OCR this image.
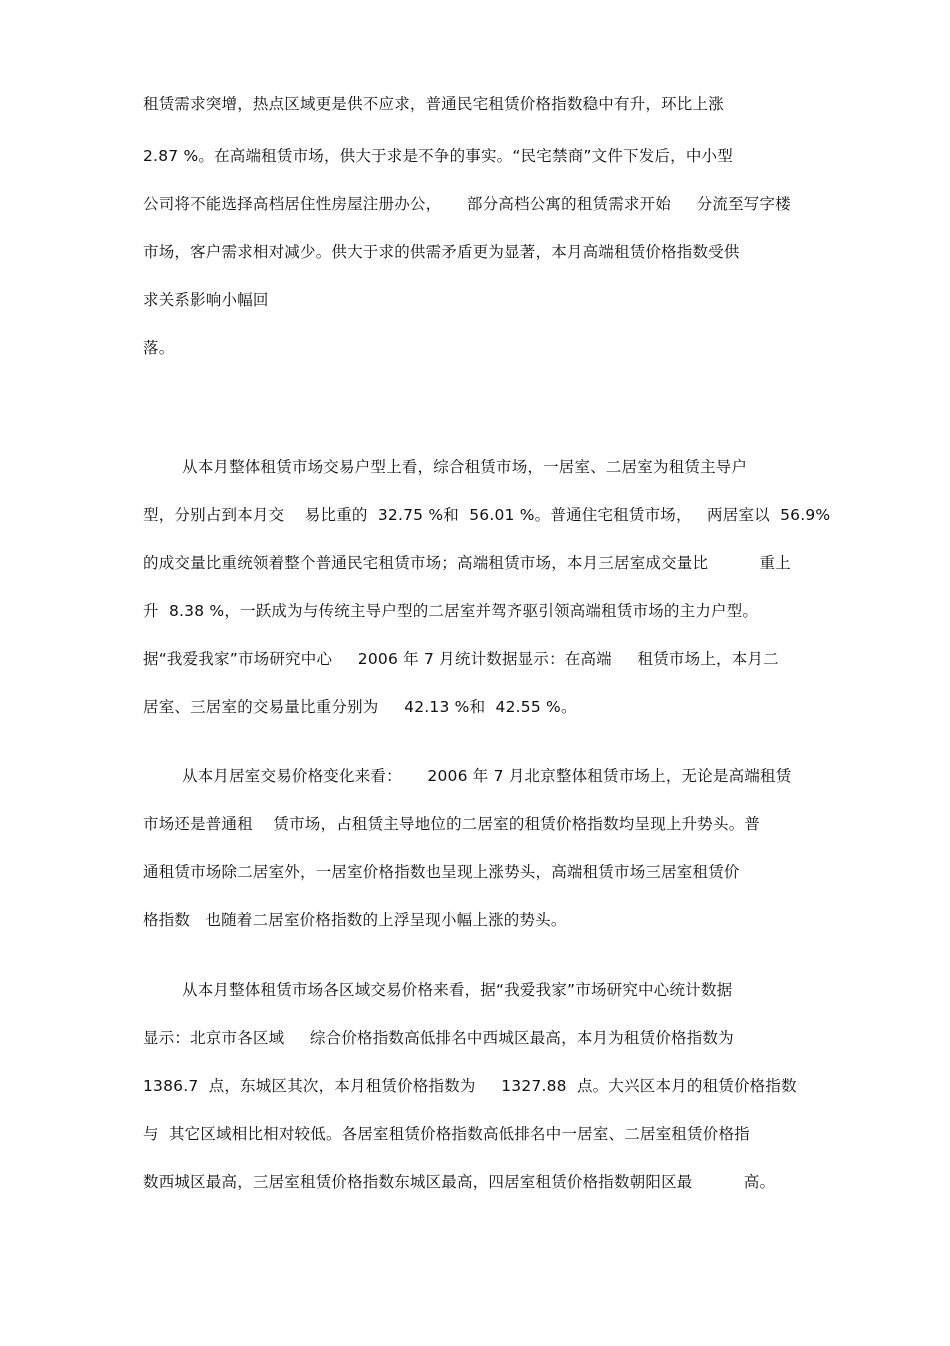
租赁需求突增，热点区域更是供不应求，普通民宅租赁价格指数稳中有升，环比上涨
2.87 %。在高端租赁市场，供大于求是不争的事实。“民宅禁商”文件下发后，中小型
公司将不能选择高档居住性房屋注册办公，     部分高档公寓的租赁需求开始     分流至写字楼
市场，客户需求相对减少。供大于求的供需矛盾更为显著，本月高端租赁价格指数受供
求关系影响小幅回
落。
从本月整体租赁市场交易户型上看，综合租赁市场，一居室、二居室为租赁主导户
型，分别占到本月交    易比重的  32.75 %和  56.01 %。普通住宅租赁市场，   两居室以  56.9%
的成交量比重统领着整个普通民宅租赁市场；高端租赁市场，本月三居室成交量比          重上
升  8.38 %，一跃成为与传统主导户型的二居室并驾齐驱引领高端租赁市场的主力户型。
据“我爱我家”市场研究中心     2006 年 7 月统计数据显示：在高端     租赁市场上，本月二
居室、三居室的交易量比重分别为     42.13 %和  42.55 %。
从本月居室交易价格变化来看：     2006 年 7 月北京整体租赁市场上，无论是高端租赁
市场还是普通租    赁市场，占租赁主导地位的二居室的租赁价格指数均呈现上升势头。普
通租赁市场除二居室外，一居室价格指数也呈现上涨势头，高端租赁市场三居室租赁价
格指数   也随着二居室价格指数的上浮呈现小幅上涨的势头。
从本月整体租赁市场各区域交易价格来看，据“我爱我家”市场研究中心统计数据
显示：北京市各区域     综合价格指数高低排名中西城区最高，本月为租赁价格指数为
1386.7  点，东城区其次，本月租赁价格指数为     1327.88  点。大兴区本月的租赁价格指数
与  其它区域相比相对较低。各居室租赁价格指数高低排名中一居室、二居室租赁价格指
数西城区最高，三居室租赁价格指数东城区最高，四居室租赁价格指数朝阳区最          高。
